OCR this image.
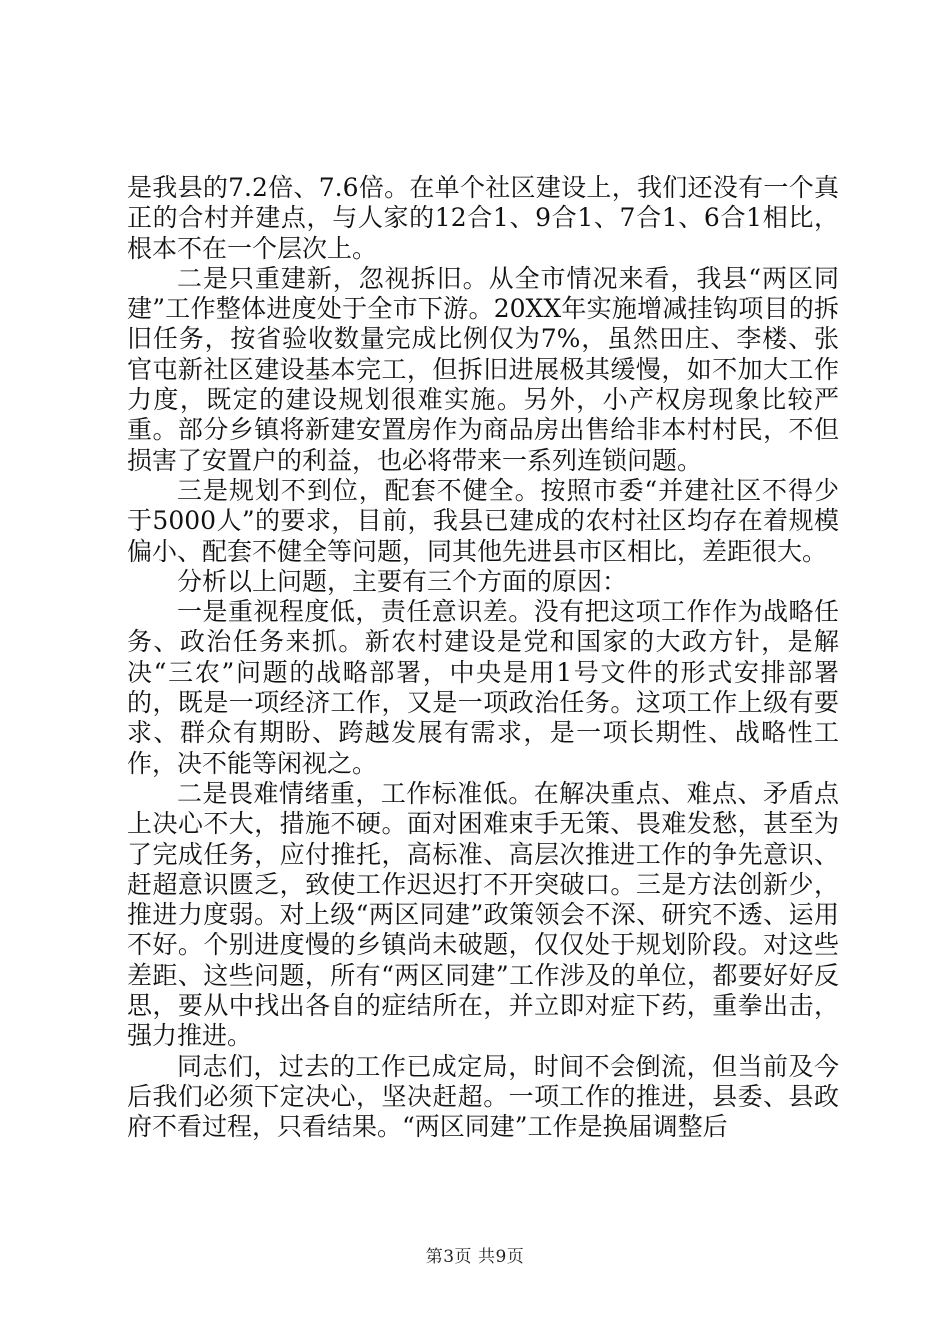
是我县的7.2倍、7.6倍。在单个社区建设上，我们还没有一个真正的合村并建点，与人家的12合1、9合1、7合1、6合1相比，根本不在一个层次上。

二是只重建新，忽视拆旧。从全市情况来看，我县“两区同建”工作整体进度处于全市下游。20XX年实施增减挂钩项目的拆旧任务，按省验收数量完成比例仅为7%，虽然田庄、李楼、张官屯新社区建设基本完工，但拆旧进展极其缓慢，如不加大工作力度，既定的建设规划很难实施。另外，小产权房现象比较严重。部分乡镇将新建安置房作为商品房出售给非本村村民，不但损害了安置户的利益，也必将带来一系列连锁问题。

三是规划不到位，配套不健全。按照市委“并建社区不得少于5000人”的要求，目前，我县已建成的农村社区均存在着规模偏小、配套不健全等问题，同其他先进县市区相比，差距很大。

分析以上问题，主要有三个方面的原因：

一是重视程度低，责任意识差。没有把这项工作作为战略任务、政治任务来抓。新农村建设是党和国家的大政方针，是解决“三农”问题的战略部署，中央是用1号文件的形式安排部署的，既是一项经济工作，又是一项政治任务。这项工作上级有要求、群众有期盼、跨越发展有需求，是一项长期性、战略性工作，决不能等闲视之。

二是畏难情绪重，工作标准低。在解决重点、难点、矛盾点上决心不大，措施不硬。面对困难束手无策、畏难发愁，甚至为了完成任务，应付推托，高标准、高层次推进工作的争先意识、赶超意识匮乏，致使工作迟迟打不开突破口。三是方法创新少，推进力度弱。对上级“两区同建”政策领会不深、研究不透、运用不好。个别进度慢的乡镇尚未破题，仅仅处于规划阶段。对这些差距、这些问题，所有“两区同建”工作涉及的单位，都要好好反思，要从中找出各自的症结所在，并立即对症下药，重拳出击，强力推进。

同志们，过去的工作已成定局，时间不会倒流，但当前及今后我们必须下定决心，坚决赶超。一项工作的推进，县委、县政府不看过程，只看结果。“两区同建”工作是换届调整后

第3页 共9页
